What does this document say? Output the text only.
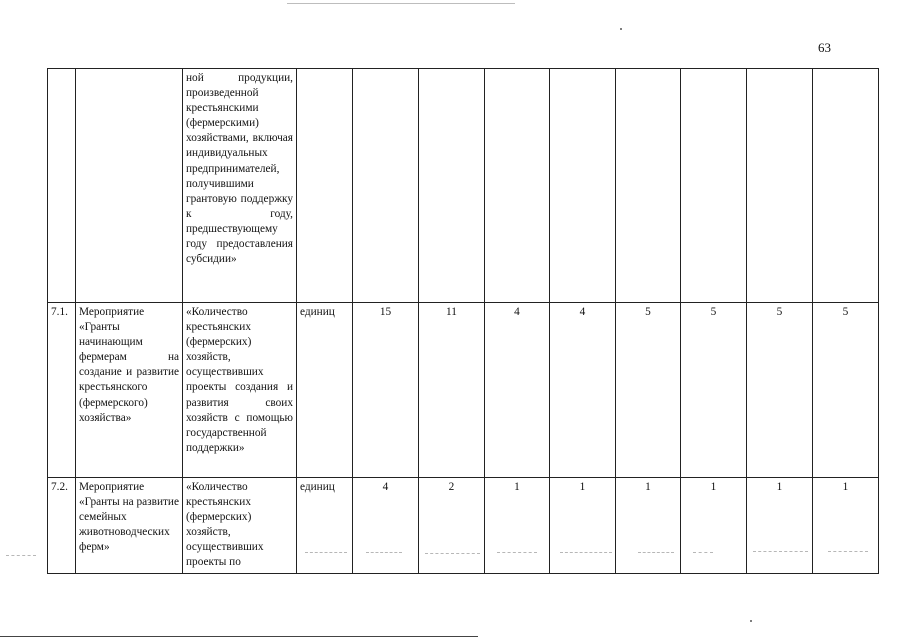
63

		ной продукции, произведенной крестьянскими (фермерскими) хозяйствами, включая индивидуальных предпринимателей, получившими грантовую поддержку к году, предшествующему году предоставления субсидии»									

7.1.	Мероприятие «Гранты начинающим фермерам на создание и развитие крестьянского (фермерского) хозяйства»	«Количество крестьянских (фермерских) хозяйств, осуществивших проекты создания и развития своих хозяйств с помощью государственной поддержки»	единиц	15	11	4	4	5	5	5	5
7.2.	Мероприятие «Гранты на развитие семейных животноводческих ферм»	«Количество крестьянских (фермерских) хозяйств, осуществивших проекты по	единиц	4	2	1	1	1	1	1	1
